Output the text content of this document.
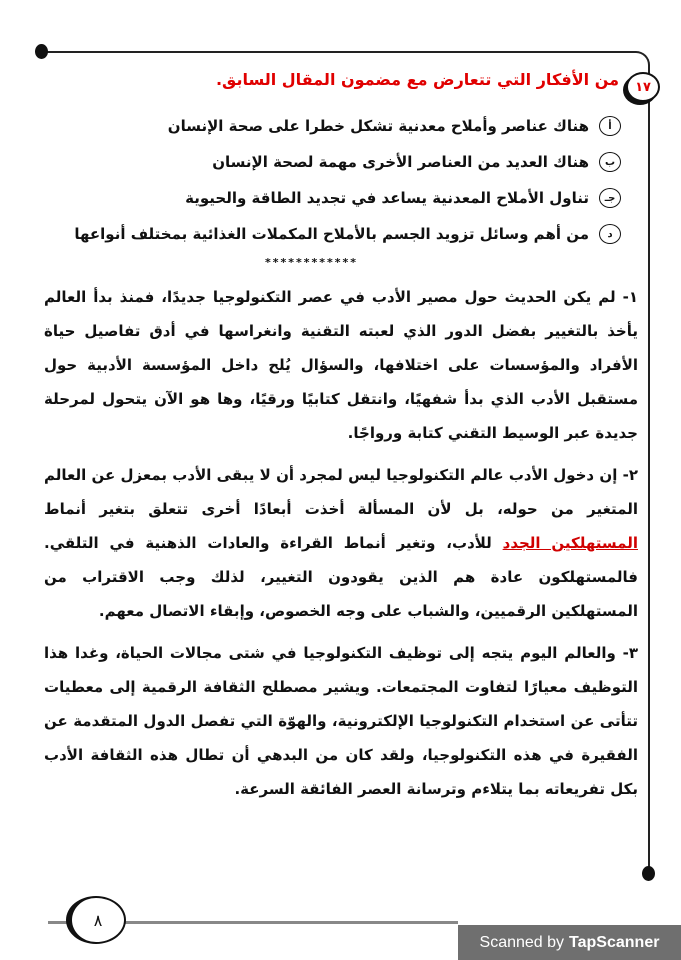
١٧
من الأفكار التي تتعارض مع مضمون المقال السابق.
أ
هناك عناصر وأملاح معدنية تشكل خطرا على صحة الإنسان
ب
هناك العديد من العناصر الأخرى مهمة لصحة الإنسان
جـ
تناول الأملاح المعدنية يساعد في تجديد الطاقة والحيوية
د
من أهم وسائل تزويد الجسم بالأملاح المكملات الغذائية بمختلف أنواعها
************

١- لم يكن الحديث حول مصير الأدب في عصر التكنولوجيا جديدًا، فمنذ بدأ العالم يأخذ بالتغيير بفضل الدور الذي لعبته التقنية وانغراسها في أدق تفاصيل حياة الأفراد والمؤسسات على اختلافها، والسؤال يُلح داخل المؤسسة الأدبية حول مستقبل الأدب الذي بدأ شفهيًا، وانتقل كتابيًا ورقيًا، وها هو الآن يتحول لمرحلة جديدة عبر الوسيط التقني كتابة ورواجًا.

٢- إن دخول الأدب عالم التكنولوجيا ليس لمجرد أن لا يبقى الأدب بمعزل عن العالم المتغير من حوله، بل لأن المسألة أخذت أبعادًا أخرى تتعلق بتغير أنماط المستهلكين الجدد للأدب، وتغير أنماط القراءة والعادات الذهنية في التلقي. فالمستهلكون عادة هم الذين يقودون التغيير، لذلك وجب الاقتراب من المستهلكين الرقميين، والشباب على وجه الخصوص، وإبقاء الاتصال معهم.

٣- والعالم اليوم يتجه إلى توظيف التكنولوجيا في شتى مجالات الحياة، وغدا هذا التوظيف معيارًا لتفاوت المجتمعات. ويشير مصطلح الثقافة الرقمية إلى معطيات تتأتى عن استخدام التكنولوجيا الإلكترونية، والهوّة التي تفصل الدول المتقدمة عن الفقيرة في هذه التكنولوجيا، ولقد كان من البدهي أن تطال هذه الثقافة الأدب بكل تفريعاته بما يتلاءم وترسانة العصر الفائقة السرعة.

٨
Scanned by TapScanner
